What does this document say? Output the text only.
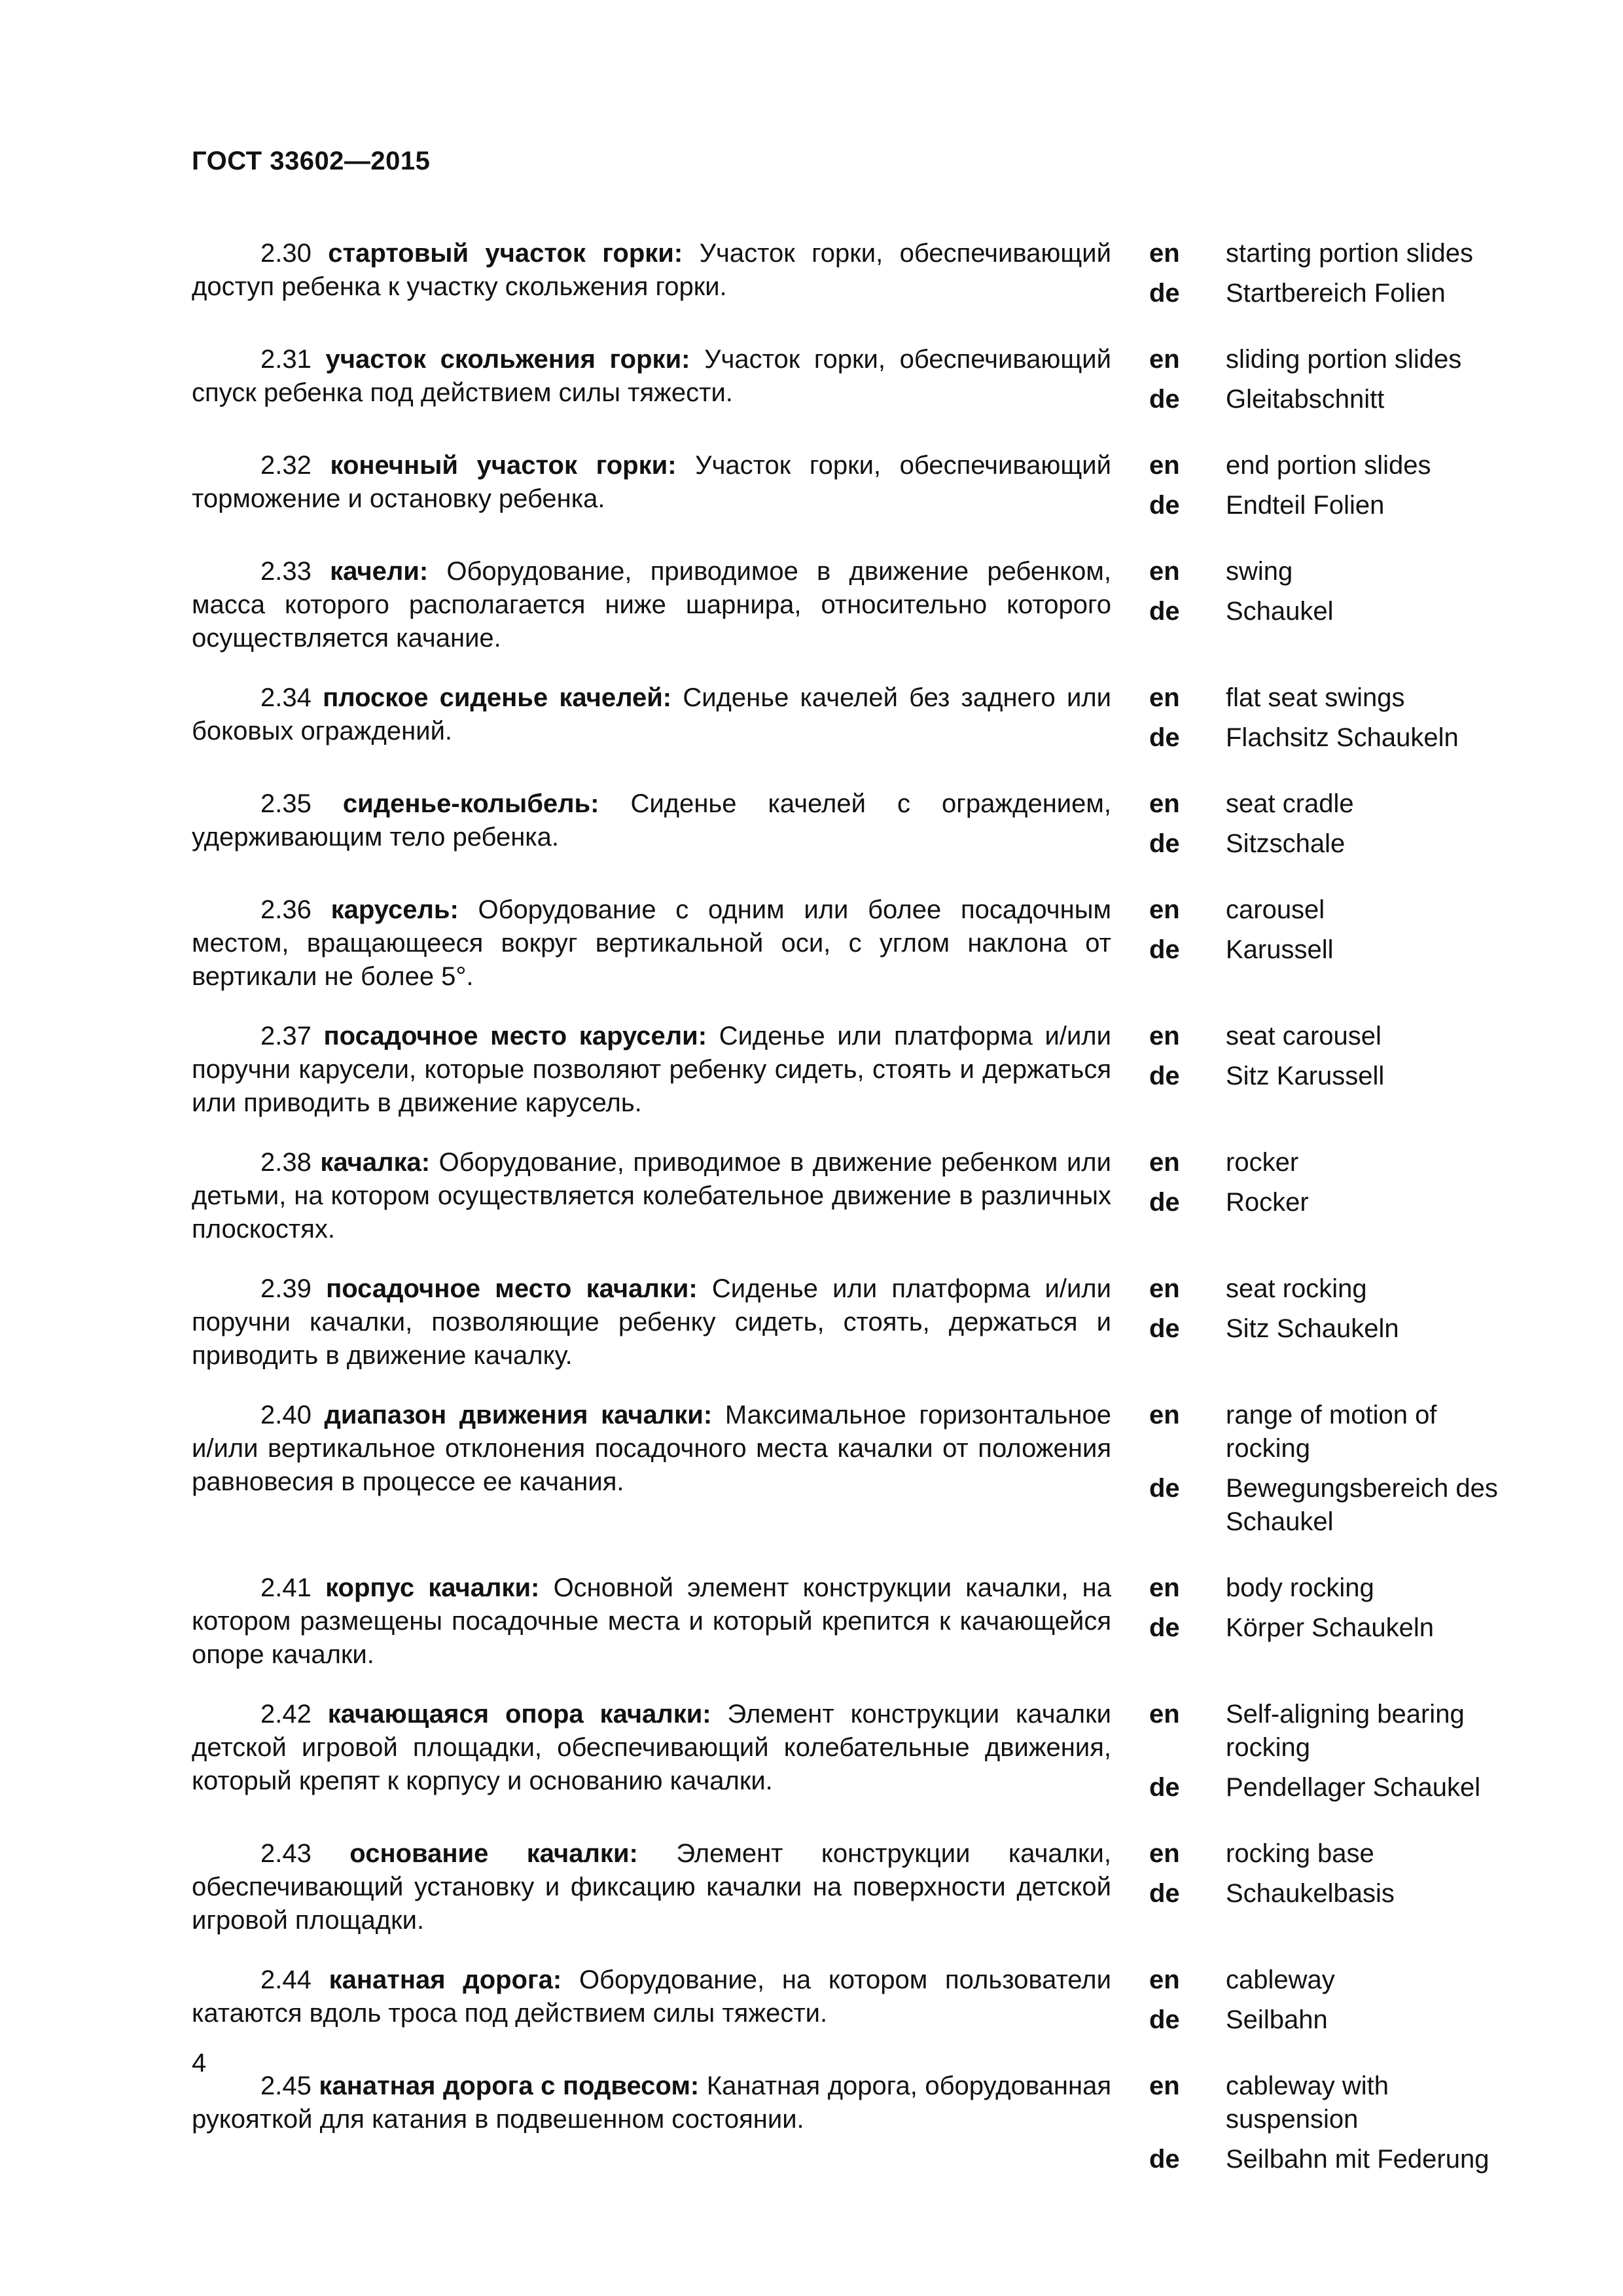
ГОСТ 33602—2015

2.30 стартовый участок горки: Участок горки, обеспечивающий доступ ребенка к участку скольжения горки.

en	starting portion slides
de	Startbereich Folien

2.31 участок скольжения горки: Участок горки, обеспечивающий спуск ребенка под действием силы тяжести.

en	sliding portion slides
de	Gleitabschnitt

2.32 конечный участок горки: Участок горки, обеспечивающий торможение и остановку ребенка.

en	end portion slides
de	Endteil Folien

2.33 качели: Оборудование, приводимое в движение ребенком, масса которого располагается ниже шарнира, относительно которого осуществляется качание.

en	swing
de	Schaukel

2.34 плоское сиденье качелей: Сиденье качелей без заднего или боковых ограждений.

en	flat seat swings
de	Flachsitz Schaukeln

2.35 сиденье-колыбель: Сиденье качелей с ограждением, удерживающим тело ребенка.

en	seat cradle
de	Sitzschale

2.36 карусель: Оборудование с одним или более посадочным местом, вращающееся вокруг вертикальной оси, с углом наклона от вертикали не более 5°.

en	carousel
de	Karussell

2.37 посадочное место карусели: Сиденье или платформа и/или поручни карусели, которые позволяют ребенку сидеть, стоять и держаться или приводить в движение карусель.

en	seat carousel
de	Sitz Karussell

2.38 качалка: Оборудование, приводимое в движение ребенком или детьми, на котором осуществляется колебательное движение в различных плоскостях.

en	rocker
de	Rocker

2.39 посадочное место качалки: Сиденье или платформа и/или поручни качалки, позволяющие ребенку сидеть, стоять, держаться и приводить в движение качалку.

en	seat rocking
de	Sitz Schaukeln

2.40 диапазон движения качалки: Максимальное горизонтальное и/или вертикальное отклонения посадочного места качалки от положения равновесия в процессе ее качания.

en	range of motion of rocking
de	Bewegungsbereich des Schaukel

2.41 корпус качалки: Основной элемент конструкции качалки, на котором размещены посадочные места и который крепится к качающейся опоре качалки.

en	body rocking
de	Körper Schaukeln

2.42 качающаяся опора качалки: Элемент конструкции качалки детской игровой площадки, обеспечивающий колебательные движения, который крепят к корпусу и основанию качалки.

en	Self-aligning bearing rocking
de	Pendellager Schaukel

2.43 основание качалки: Элемент конструкции качалки, обеспечивающий установку и фиксацию качалки на поверхности детской игровой площадки.

en	rocking base
de	Schaukelbasis

2.44 канатная дорога: Оборудование, на котором пользователи катаются вдоль троса под действием силы тяжести.

en	cableway
de	Seilbahn

2.45 канатная дорога с подвесом: Канатная дорога, оборудованная рукояткой для катания в подвешенном состоянии.

en	cableway with suspension
de	Seilbahn mit Federung
4
